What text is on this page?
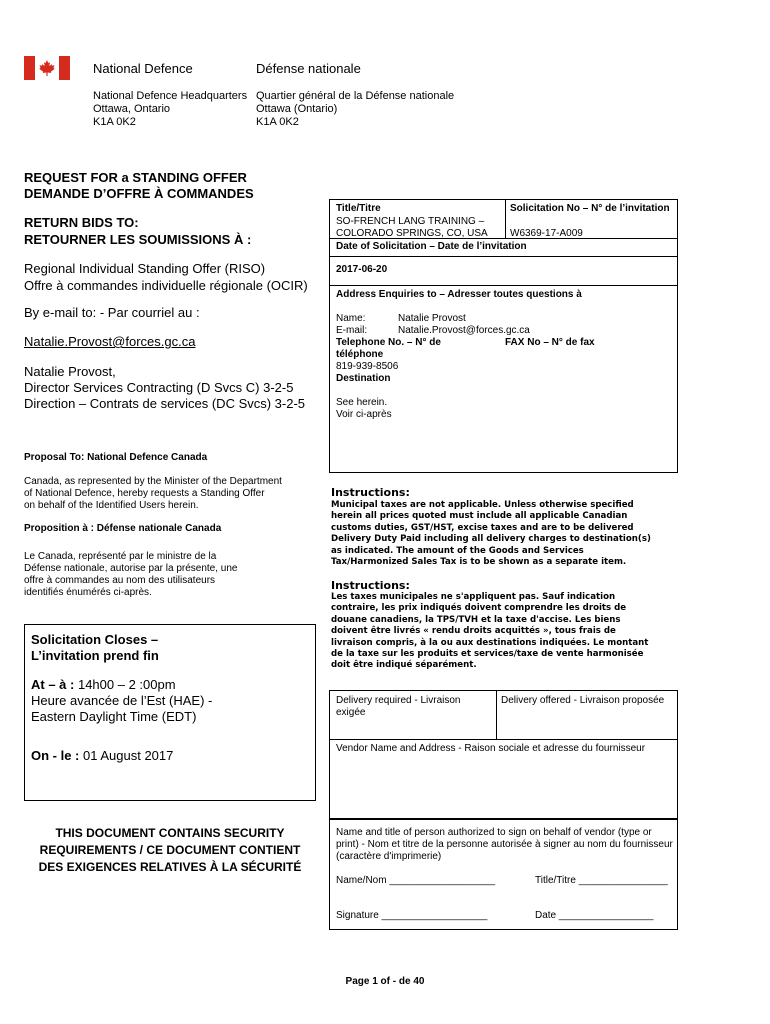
National Defence	Défense nationale
National Defence Headquarters
Ottawa, Ontario
K1A 0K2
Quartier général de la Défense nationale
Ottawa (Ontario)
K1A 0K2
REQUEST FOR a STANDING OFFER
DEMANDE D’OFFRE À COMMANDES
RETURN BIDS TO:
RETOURNER LES SOUMISSIONS À :
Regional Individual Standing Offer (RISO)
Offre à commandes individuelle régionale (OCIR)
By e-mail to: - Par courriel au :
Natalie.Provost@forces.gc.ca
Natalie Provost,
Director Services Contracting (D Svcs C) 3-2-5
Direction – Contrats de services (DC Svcs) 3-2-5
Proposal To: National Defence Canada
Canada, as represented by the Minister of the Department
of National Defence, hereby requests a Standing Offer
on behalf of the Identified Users herein.
Proposition à : Défense nationale Canada
Le Canada, représenté par le ministre de la
Défense nationale, autorise par la présente, une
offre à commandes au nom des utilisateurs
identifiés énumérés ci-après.
Solicitation Closes –
L’invitation prend fin
At – à : 14h00 – 2 :00pm
Heure avancée de l’Est (HAE) -
Eastern Daylight Time (EDT)
On - le : 01 August 2017
THIS DOCUMENT CONTAINS SECURITY
REQUIREMENTS / CE DOCUMENT CONTIENT
DES EXIGENCES RELATIVES À LA SÉCURITÉ
Title/Titre
SO-FRENCH LANG TRAINING –
COLORADO SPRINGS, CO, USA
Solicitation No – N° de l’invitation
W6369-17-A009
Date of Solicitation – Date de l’invitation
2017-06-20
Address Enquiries to – Adresser toutes questions à
Name:	Natalie Provost
E-mail:	Natalie.Provost@forces.gc.ca
Telephone No. – N° de
téléphone
819-939-8506
FAX No – N° de fax
Destination
See herein.
Voir ci-après
Instructions:
Municipal taxes are not applicable. Unless otherwise specified
herein all prices quoted must include all applicable Canadian
customs duties, GST/HST, excise taxes and are to be delivered
Delivery Duty Paid including all delivery charges to destination(s)
as indicated. The amount of the Goods and Services
Tax/Harmonized Sales Tax is to be shown as a separate item.
Instructions:
Les taxes municipales ne s'appliquent pas. Sauf indication
contraire, les prix indiqués doivent comprendre les droits de
douane canadiens, la TPS/TVH et la taxe d'accise. Les biens
doivent être livrés « rendu droits acquittés », tous frais de
livraison compris, à la ou aux destinations indiquées. Le montant
de la taxe sur les produits et services/taxe de vente harmonisée
doit être indiqué séparément.
Delivery required - Livraison
exigée
Delivery offered - Livraison proposée
Vendor Name and Address - Raison sociale et adresse du fournisseur
Name and title of person authorized to sign on behalf of vendor (type or
print) - Nom et titre de la personne autorisée à signer au nom du fournisseur
(caractère d'imprimerie)
Name/Nom ___________________	Title/Titre ________________
Signature ___________________	Date _________________
Page 1 of - de 40
